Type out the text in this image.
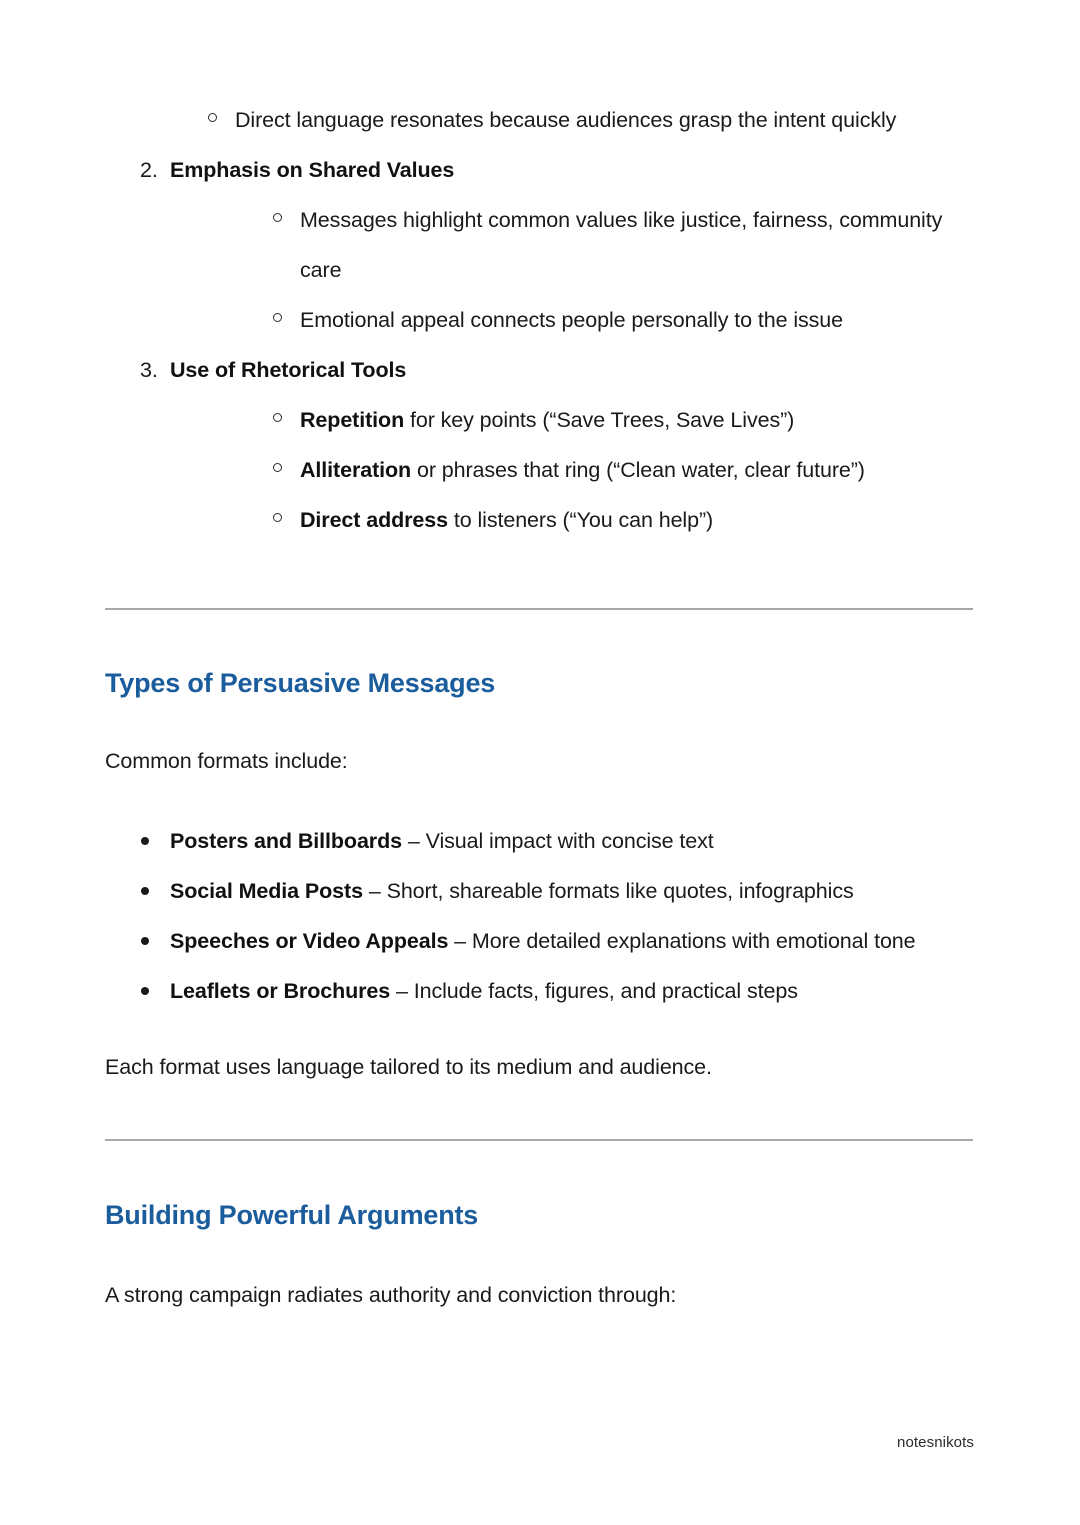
Direct language resonates because audiences grasp the intent quickly
2. Emphasis on Shared Values
Messages highlight common values like justice, fairness, community care
Emotional appeal connects people personally to the issue
3. Use of Rhetorical Tools
Repetition for key points (“Save Trees, Save Lives”)
Alliteration or phrases that ring (“Clean water, clear future”)
Direct address to listeners (“You can help”)
Types of Persuasive Messages

Common formats include:

Posters and Billboards – Visual impact with concise text
Social Media Posts – Short, shareable formats like quotes, infographics
Speeches or Video Appeals – More detailed explanations with emotional tone
Leaflets or Brochures – Include facts, figures, and practical steps

Each format uses language tailored to its medium and audience.

Building Powerful Arguments

A strong campaign radiates authority and conviction through:

notesnikots
